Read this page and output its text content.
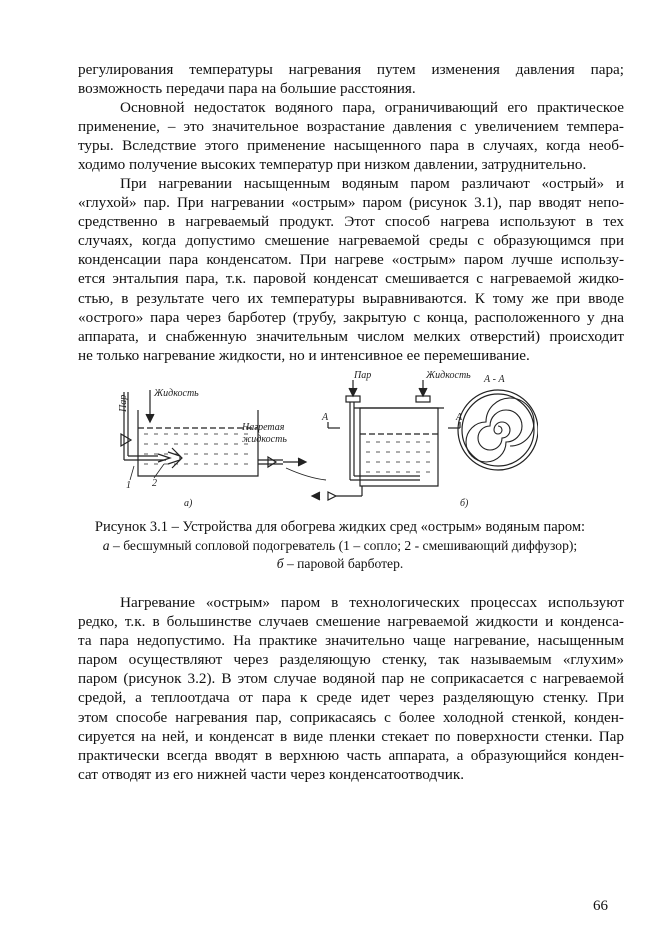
регулирования температуры нагревания путем изменения давления пара;
возможность передачи пара на большие расстояния.
Основной недостаток водяного пара, ограничивающий его практическое
применение, – это значительное возрастание давления с увеличением темпера-
туры. Вследствие этого применение насыщенного пара в случаях, когда необ-
ходимо получение высоких температур при низком давлении, затруднительно.
При нагревании насыщенным водяным паром различают «острый» и
«глухой» пар. При нагревании «острым» паром (рисунок 3.1), пар вводят непо-
средственно в нагреваемый продукт. Этот способ нагрева используют в тех
случаях, когда допустимо смешение нагреваемой среды с образующимся при
конденсации пара конденсатом. При нагреве «острым» паром лучше использу-
ется энтальпия пара, т.к. паровой конденсат смешивается с нагреваемой жидко-
стью, в результате чего их температуры выравниваются. К тому же при вводе
«острого» пара через барботер (трубу, закрытую с конца, расположенного у дна
аппарата, и снабженную значительным числом мелких отверстий) происходит
не только нагревание жидкости, но и интенсивное ее перемешивание.
Пар
Жидкость
Нагретая
жидкость
1 2
а)
Пар	Жидкость
А	А
б)
А - А
Рисунок 3.1 – Устройства для обогрева жидких сред «острым» водяным паром:
а – бесшумный сопловой подогреватель (1 – сопло; 2 - смешивающий диффузор);
б – паровой барботер.
Нагревание «острым» паром в технологических процессах используют
редко, т.к. в большинстве случаев смешение нагреваемой жидкости и конденса-
та пара недопустимо. На практике значительно чаще нагревание, насыщенным
паром осуществляют через разделяющую стенку, так называемым «глухим»
паром (рисунок 3.2). В этом случае водяной пар не соприкасается с нагреваемой
средой, а теплоотдача от пара к среде идет через разделяющую стенку. При
этом способе нагревания пар, соприкасаясь с более холодной стенкой, конден-
сируется на ней, и конденсат в виде пленки стекает по поверхности стенки. Пар
практически всегда вводят в верхнюю часть аппарата, а образующийся конден-
сат отводят из его нижней части через конденсатоотводчик.
66
